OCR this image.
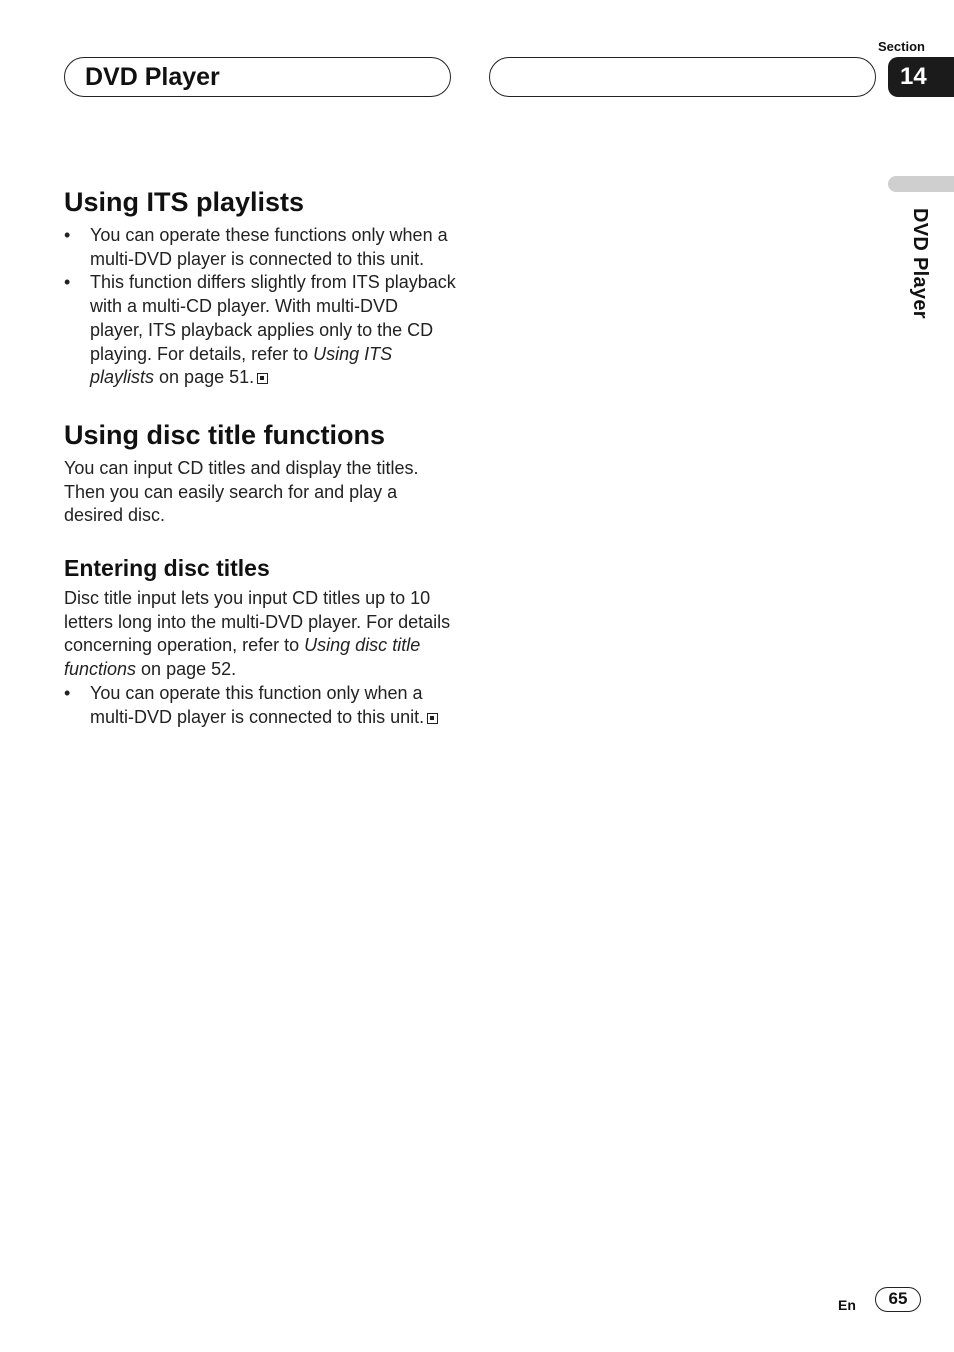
DVD Player
Section
14
DVD Player
Using ITS playlists
• You can operate these functions only when a multi-DVD player is connected to this unit.
• This function differs slightly from ITS playback with a multi-CD player. With multi-DVD player, ITS playback applies only to the CD playing. For details, refer to Using ITS playlists on page 51.
Using disc title functions

You can input CD titles and display the titles. Then you can easily search for and play a desired disc.

Entering disc titles

Disc title input lets you input CD titles up to 10 letters long into the multi-DVD player. For details concerning operation, refer to Using disc title functions on page 52.

• You can operate this function only when a multi-DVD player is connected to this unit.
En	65
